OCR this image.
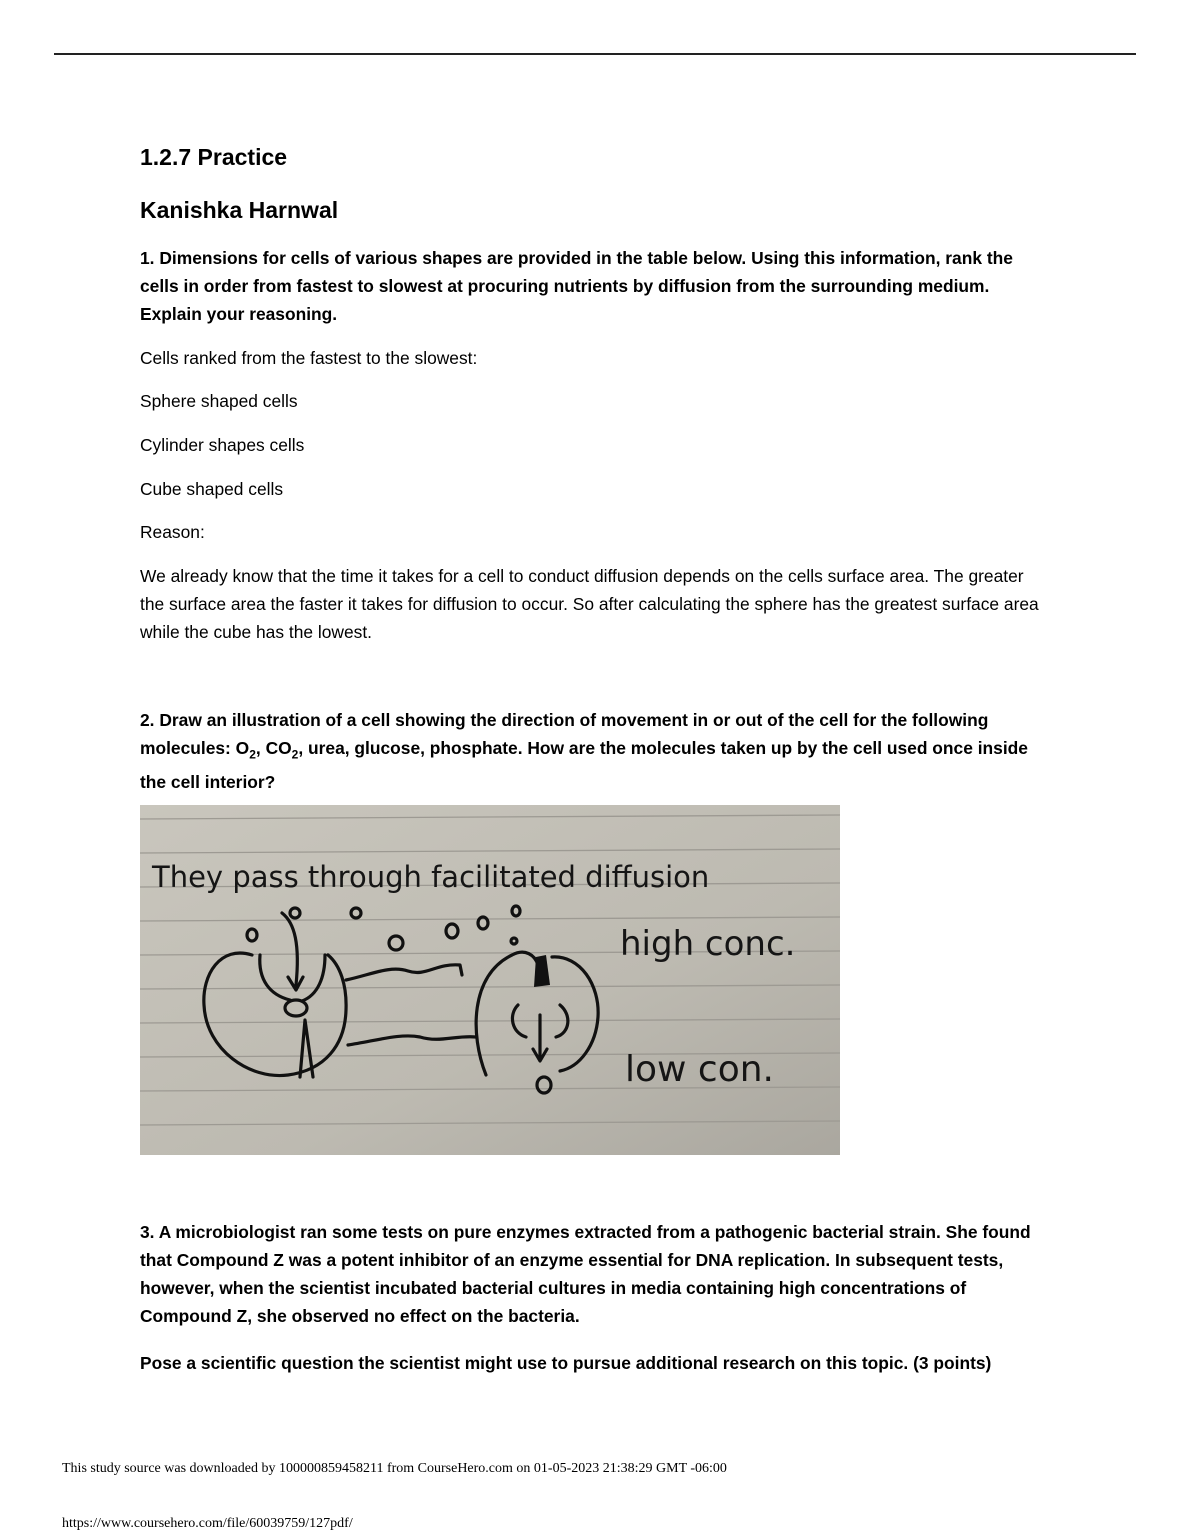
1.2.7 Practice
Kanishka Harnwal
1. Dimensions for cells of various shapes are provided in the table below. Using this information, rank the cells in order from fastest to slowest at procuring nutrients by diffusion from the surrounding medium. Explain your reasoning.
Cells ranked from the fastest to the slowest:
Sphere shaped cells
Cylinder shapes cells
Cube shaped cells
Reason:
We already know that the time it takes for a cell to conduct diffusion depends on the cells surface area. The greater the surface area the faster it takes for diffusion to occur. So after calculating the sphere has the greatest surface area while the cube has the lowest.
2. Draw an illustration of a cell showing the direction of movement in or out of the cell for the following molecules: $O_2$, $CO_2$, urea, glucose, phosphate. How are the molecules taken up by the cell used once inside the cell interior?
They pass through facilitated diffusion
high conc.
low con.
3. A microbiologist ran some tests on pure enzymes extracted from a pathogenic bacterial strain. She found that Compound Z was a potent inhibitor of an enzyme essential for DNA replication. In subsequent tests, however, when the scientist incubated bacterial cultures in media containing high concentrations of Compound Z, she observed no effect on the bacteria.
Pose a scientific question the scientist might use to pursue additional research on this topic. (3 points)
This study source was downloaded by 100000859458211 from CourseHero.com on 01-05-2023 21:38:29 GMT -06:00
https://www.coursehero.com/file/60039759/127pdf/
